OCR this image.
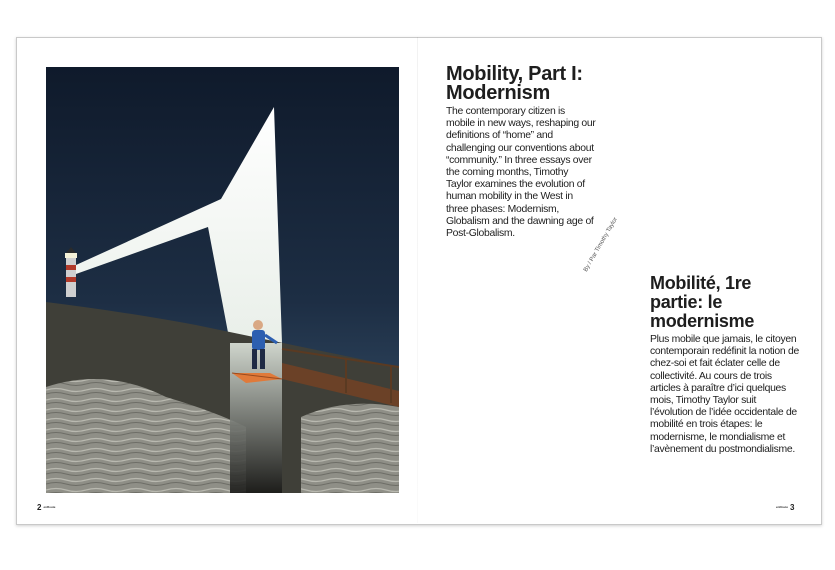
Mobility, Part I:
Modernism

The contemporary citizen is mobile in new ways, reshaping our definitions of “home” and challenging our conventions about “community.” In three essays over the coming months, Timothy Taylor examines the evolution of human mobility in the West in three phases: Modernism, Globalism and the dawning age of Post-Globalism.	By / Par Timothy Taylor
Mobilité, 1re partie: le modernisme

Plus mobile que jamais, le citoyen contemporain redéfinit la notion de chez-soi et fait éclater celle de collectivité. Au cours de trois articles à paraître d’ici quelques mois, Timothy Taylor suit l’évolution de l’idée occidentale de mobilité en trois étapes: le modernisme, le mondialisme et l’avènement du postmondialisme.

2 enRoute	enRoute 3
